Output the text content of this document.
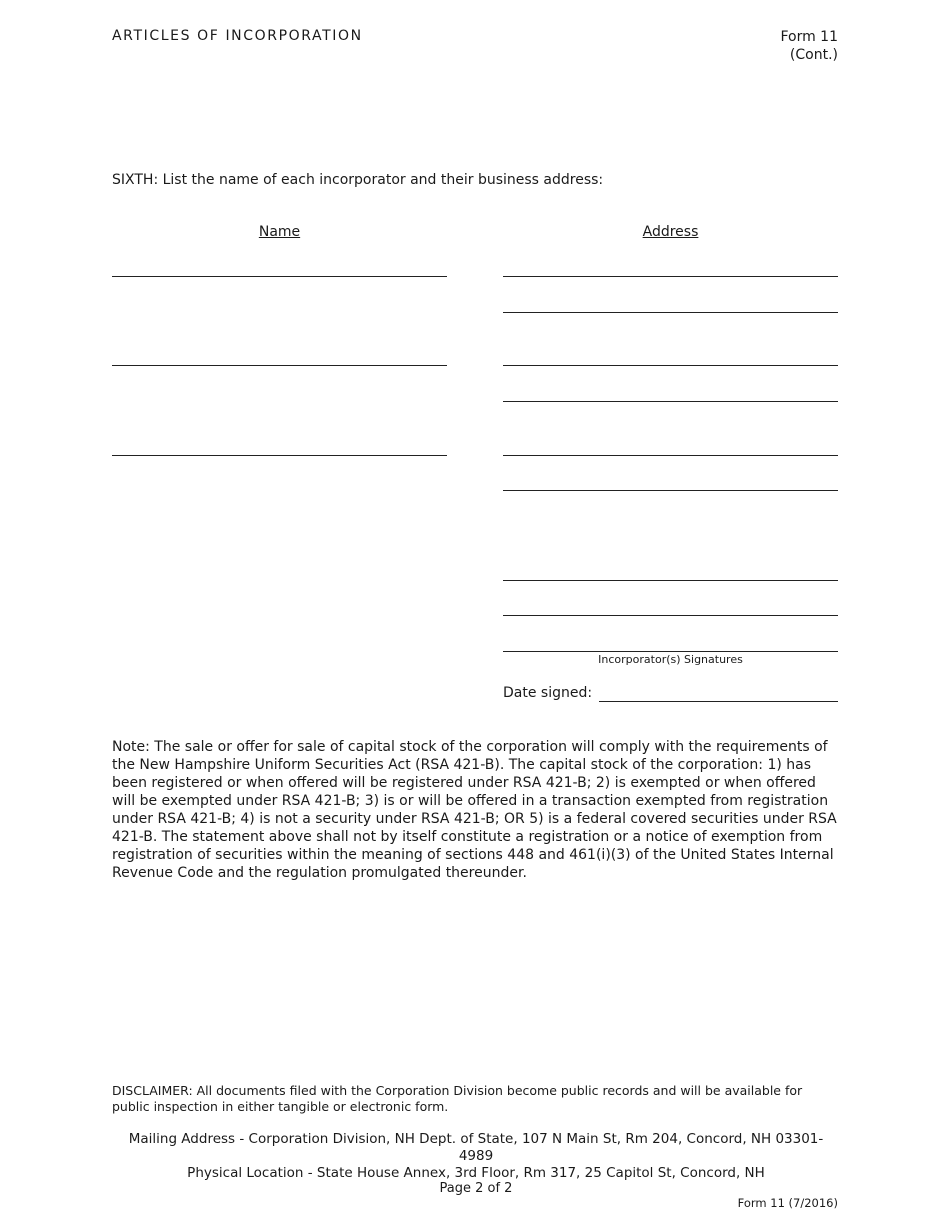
ARTICLES OF INCORPORATION	Form 11
(Cont.)
SIXTH: List the name of each incorporator and their business address:
Name	Address
Incorporator(s) Signatures
Date signed:
Note: The sale or offer for sale of capital stock of the corporation will comply with the requirements of the New Hampshire Uniform Securities Act (RSA 421-B). The capital stock of the corporation: 1) has been registered or when offered will be registered under RSA 421-B; 2) is exempted or when offered will be exempted under RSA 421-B; 3) is or will be offered in a transaction exempted from registration under RSA 421-B; 4) is not a security under RSA 421-B; OR 5) is a federal covered securities under RSA 421-B. The statement above shall not by itself constitute a registration or a notice of exemption from registration of securities within the meaning of sections 448 and 461(i)(3) of the United States Internal Revenue Code and the regulation promulgated thereunder.
DISCLAIMER: All documents filed with the Corporation Division become public records and will be available for public inspection in either tangible or electronic form.
Mailing Address - Corporation Division, NH Dept. of State, 107 N Main St, Rm 204, Concord, NH 03301-4989
Physical Location - State House Annex, 3rd Floor, Rm 317, 25 Capitol St, Concord, NH
Page 2 of 2
Form 11 (7/2016)
